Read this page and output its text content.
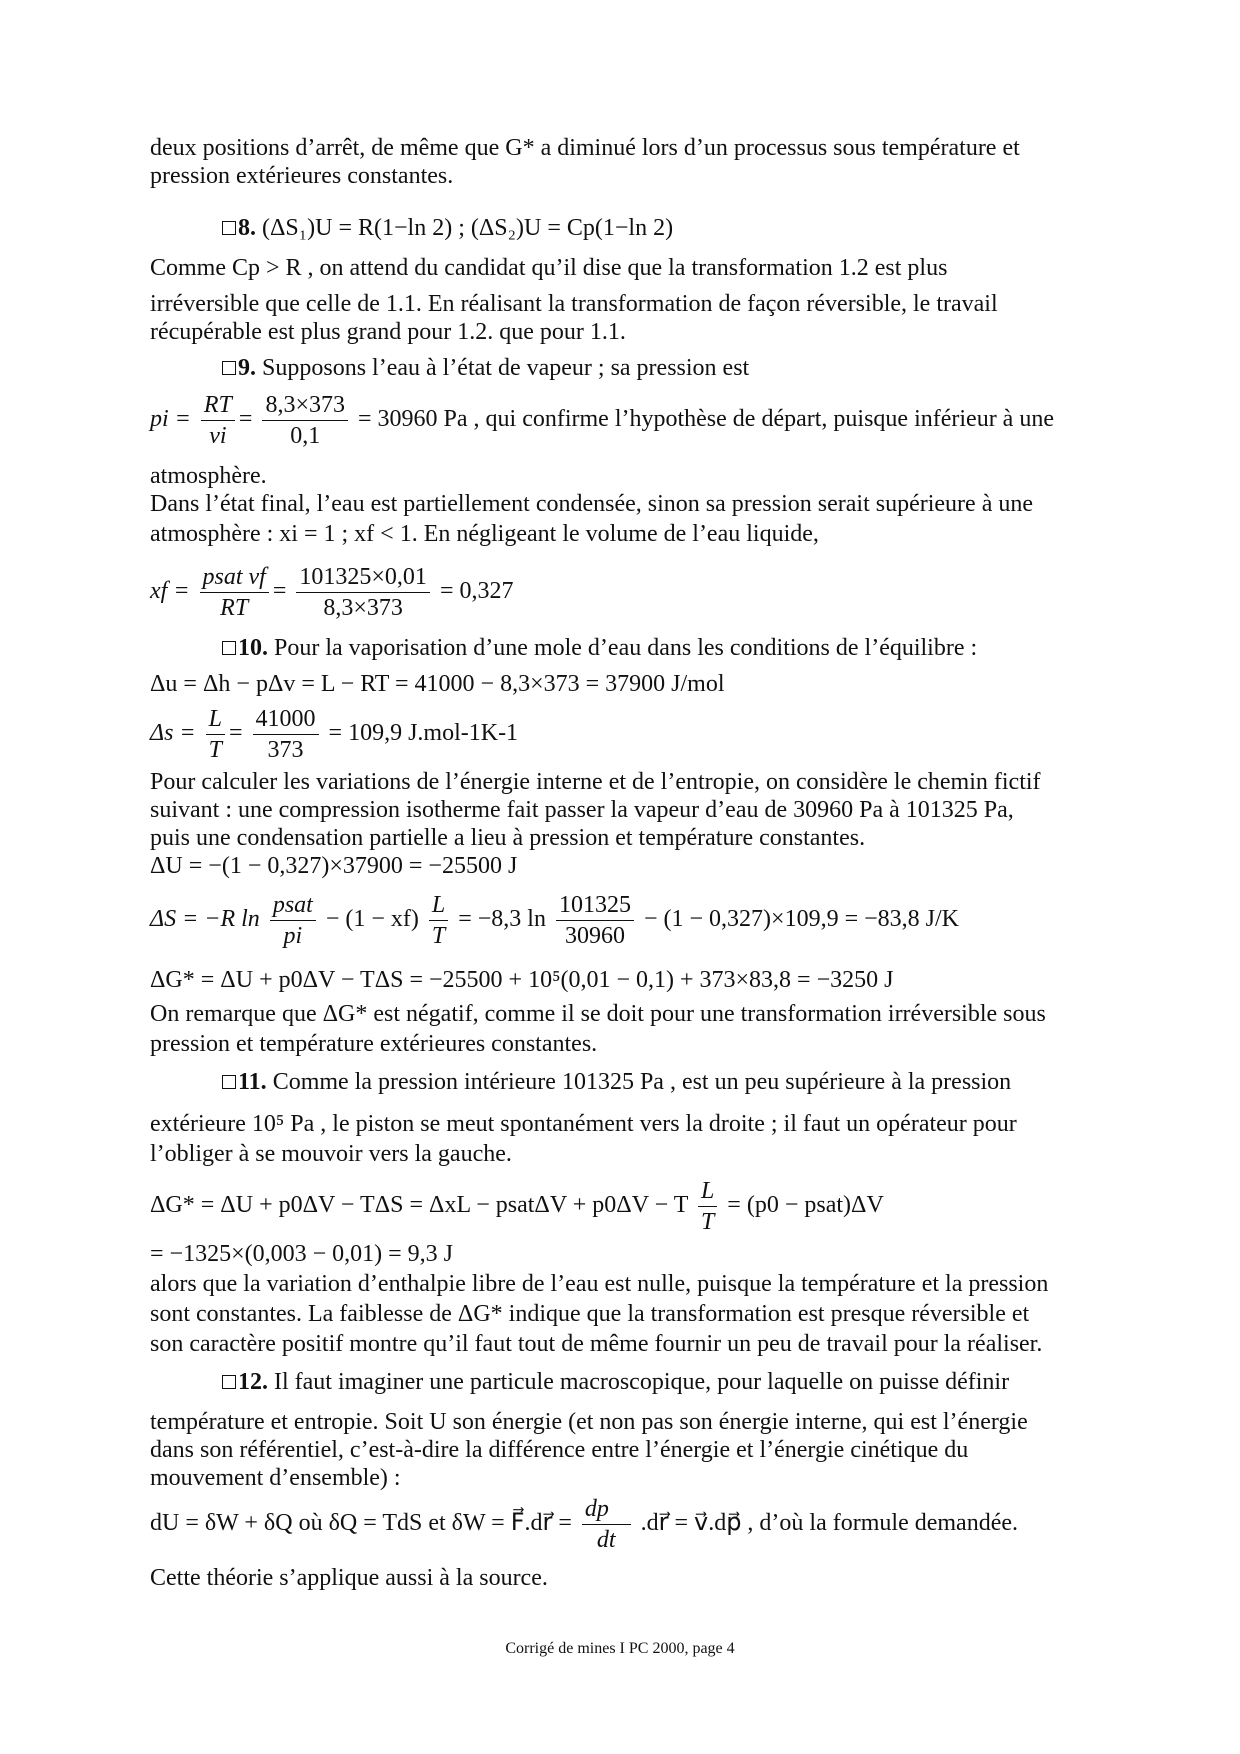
deux positions d’arrêt, de même que G* a diminué lors d’un processus sous température et
pression extérieures constantes.
8. (ΔS₁)U = R(1−ln 2) ; (ΔS₂)U = Cp(1−ln 2)
Comme Cp > R , on attend du candidat qu’il dise que la transformation 1.2 est plus
irréversible que celle de 1.1. En réalisant la transformation de façon réversible, le travail
récupérable est plus grand pour 1.2. que pour 1.1.
9. Supposons l’eau à l’état de vapeur ; sa pression est
pi = $\frac{RT}{vi} = \frac{8,3\times 373}{0,1} = 30960$ Pa , qui confirme l’hypothèse de départ, puisque inférieur à une
atmosphère.
Dans l’état final, l’eau est partiellement condensée, sinon sa pression serait supérieure à une
atmosphère : xi = 1 ; xf < 1. En négligeant le volume de l’eau liquide,
xf = $\frac{\text{psat vf}}{RT} = \frac{101325\times 0,01}{8,3\times 373} = 0,327$
10. Pour la vaporisation d’une mole d’eau dans les conditions de l’équilibre :
Δu = Δh − pΔv = L − RT = 41000 − 8,3×373 = 37900 J/mol
$\Delta s = \frac{L}{T} = \frac{41000}{373} = 109,9$ J.mol-1K-1
Pour calculer les variations de l’énergie interne et de l’entropie, on considère le chemin fictif
suivant : une compression isotherme fait passer la vapeur d’eau de 30960 Pa à 101325 Pa,
puis une condensation partielle a lieu à pression et température constantes.
ΔU = −(1 − 0,327)×37900 = −25500 J
ΔS = −R $\ln \frac{\text{psat}}{pi} - (1 - xf) \frac{L}{T} = -8,3$ $\ln \frac{101325}{30960} - (1 - 0,327)\times 109,9 = -83,8$ J/K
ΔG* = ΔU + p0ΔV − TΔS = −25500 + 10⁵(0,01 − 0,1) + 373×83,8 = −3250 J
On remarque que ΔG* est négatif, comme il se doit pour une transformation irréversible sous
pression et température extérieures constantes.
11. Comme la pression intérieure 101325 Pa , est un peu supérieure à la pression
extérieure 10⁵ Pa , le piston se meut spontanément vers la droite ; il faut un opérateur pour
l’obliger à se mouvoir vers la gauche.
ΔG* = ΔU + p0ΔV − TΔS = ΔxL − psatΔV + p0ΔV − T $\frac{L}{T} = (p0$ − psat)ΔV
= −1325×(0,003 − 0,01) = 9,3 J
alors que la variation d’enthalpie libre de l’eau est nulle, puisque la température et la pression
sont constantes. La faiblesse de ΔG* indique que la transformation est presque réversible et
son caractère positif montre qu’il faut tout de même fournir un peu de travail pour la réaliser.
12. Il faut imaginer une particule macroscopique, pour laquelle on puisse définir
température et entropie. Soit U son énergie (et non pas son énergie interne, qui est l’énergie
dans son référentiel, c’est-à-dire la différence entre l’énergie et l’énergie cinétique du
mouvement d’ensemble) :
dU = δW + δQ où δQ = TdS et δW = F⃗.dr⃗ = $\frac{dp⃗}{dt}$ .dr⃗ = v⃗.dp⃗ , d’où la formule demandée.
Cette théorie s’applique aussi à la source.
Corrigé de mines I PC 2000, page 4
